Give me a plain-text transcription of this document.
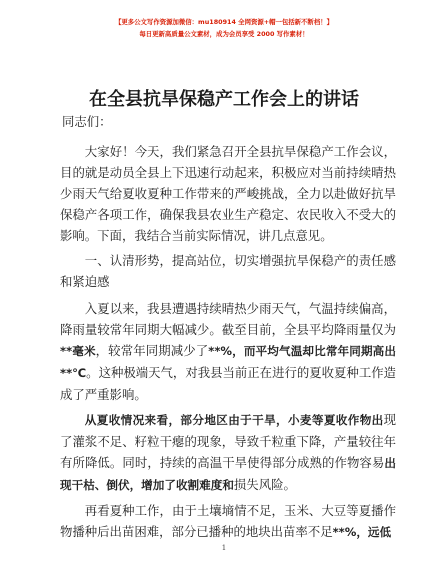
【更多公文写作资源加微信：mu180914 全网资源+帽一包括新不断档！】
每日更新高质量公文素材，成为会员享受 2000 写作素材！
在全县抗旱保稳产工作会上的讲话
同志们：

大家好！今天，我们紧急召开全县抗旱保稳产工作会议，目的就是动员全县上下迅速行动起来，积极应对当前持续晴热少雨天气给夏收夏种工作带来的严峻挑战，全力以赴做好抗旱保稳产各项工作，确保我县农业生产稳定、农民收入不受大的影响。下面，我结合当前实际情况，讲几点意见。

一、认清形势，提高站位，切实增强抗旱保稳产的责任感和紧迫感

入夏以来，我县遭遇持续晴热少雨天气，气温持续偏高，降雨量较常年同期大幅减少。截至目前，全县平均降雨量仅为**毫米，较常年同期减少了**%，而平均气温却比常年同期高出**℃。这种极端天气，对我县当前正在进行的夏收夏种工作造成了严重影响。

从夏收情况来看，部分地区由于干旱，小麦等夏收作物出现了灌浆不足、籽粒干瘪的现象，导致千粒重下降，产量较往年有所降低。同时，持续的高温干旱使得部分成熟的作物容易出现干枯、倒伏，增加了收割难度和损失风险。

再看夏种工作，由于土壤墒情不足，玉米、大豆等夏播作物播种后出苗困难，部分已播种的地块出苗率不足**%，远低

1
